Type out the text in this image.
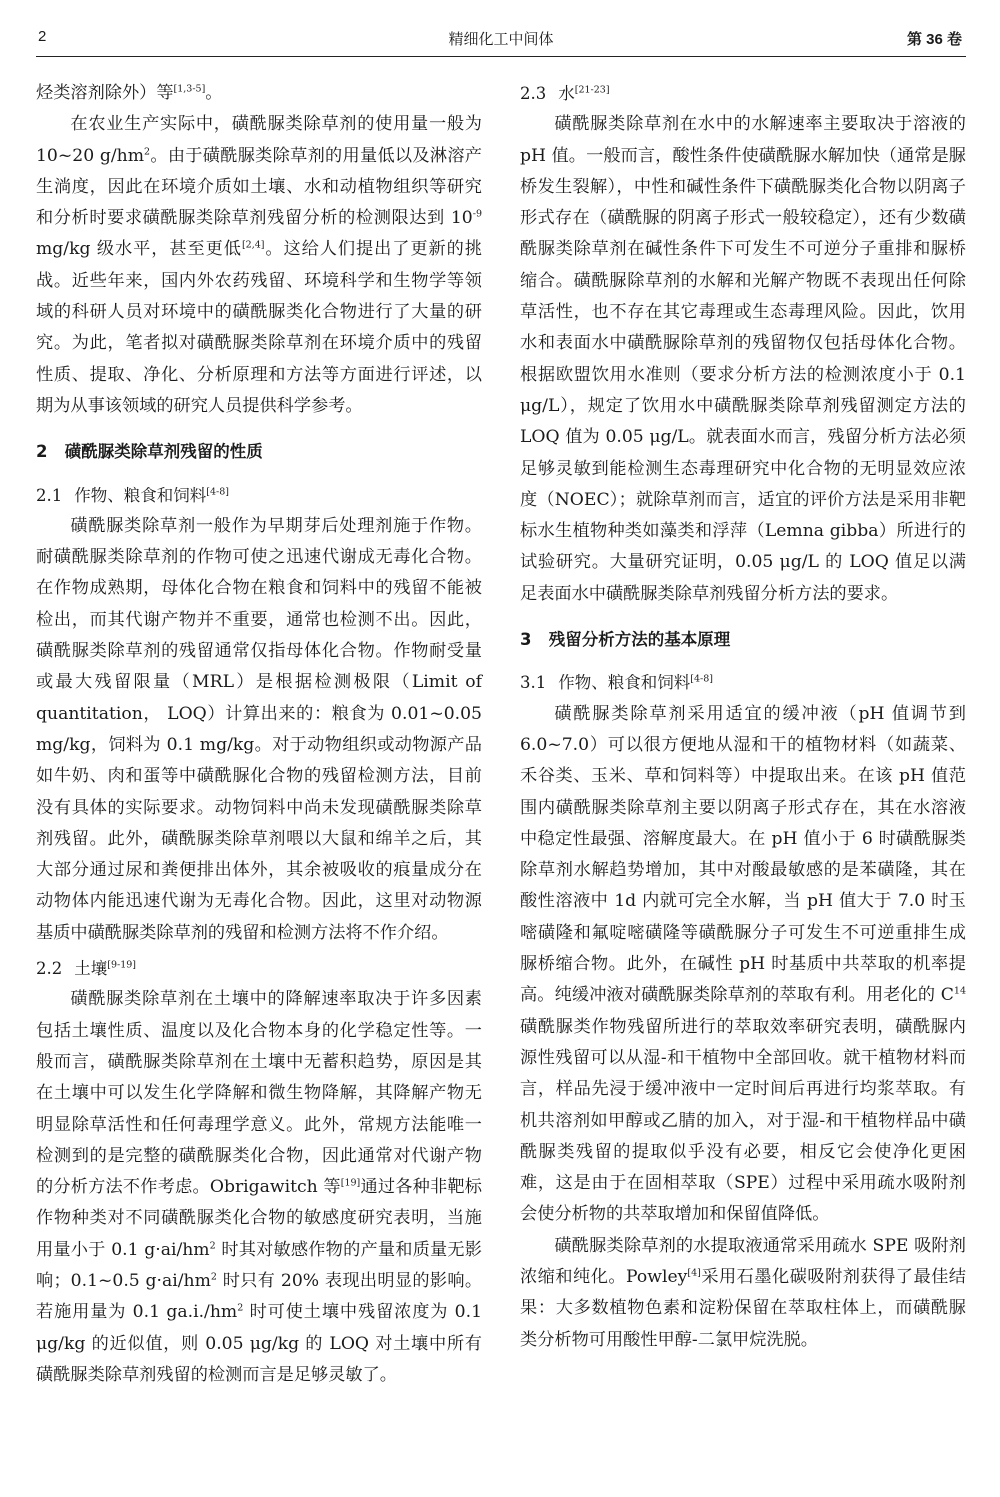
2	精细化工中间体	第 36 卷

烃类溶剂除外）等[1,3-5]。

在农业生产实际中，磺酰脲类除草剂的使用量一般为 10~20 $g/hm^2$。由于磺酰脲类除草剂的用量低以及淋溶产生淌度，因此在环境介质如土壤、水和动植物组织等研究和分析时要求磺酰脲类除草剂残留分析的检测限达到 $10^{-9}$ mg/kg 级水平，甚至更低[2,4]。这给人们提出了更新的挑战。近些年来，国内外农药残留、环境科学和生物学等领域的科研人员对环境中的磺酰脲类化合物进行了大量的研究。为此，笔者拟对磺酰脲类除草剂在环境介质中的残留性质、提取、净化、分析原理和方法等方面进行评述，以期为从事该领域的研究人员提供科学参考。

2 磺酰脲类除草剂残留的性质
2.1 作物、粮食和饲料[4-8]

磺酰脲类除草剂一般作为早期芽后处理剂施于作物。耐磺酰脲类除草剂的作物可使之迅速代谢成无毒化合物。在作物成熟期，母体化合物在粮食和饲料中的残留不能被检出，而其代谢产物并不重要，通常也检测不出。因此，磺酰脲类除草剂的残留通常仅指母体化合物。作物耐受量或最大残留限量（MRL）是根据检测极限（Limit of quantitation， LOQ）计算出来的：粮食为 0.01~0.05 mg/kg，饲料为 0.1 mg/kg。对于动物组织或动物源产品如牛奶、肉和蛋等中磺酰脲化合物的残留检测方法，目前没有具体的实际要求。动物饲料中尚未发现磺酰脲类除草剂残留。此外，磺酰脲类除草剂喂以大鼠和绵羊之后，其大部分通过尿和粪便排出体外，其余被吸收的痕量成分在动物体内能迅速代谢为无毒化合物。因此，这里对动物源基质中磺酰脲类除草剂的残留和检测方法将不作介绍。

2.2 土壤[9-19]

磺酰脲类除草剂在土壤中的降解速率取决于许多因素包括土壤性质、温度以及化合物本身的化学稳定性等。一般而言，磺酰脲类除草剂在土壤中无蓄积趋势，原因是其在土壤中可以发生化学降解和微生物降解，其降解产物无明显除草活性和任何毒理学意义。此外，常规方法能唯一检测到的是完整的磺酰脲类化合物，因此通常对代谢产物的分析方法不作考虑。Obrigawitch 等[19]通过各种非靶标作物种类对不同磺酰脲类化合物的敏感度研究表明，当施用量小于 0.1 $g\cdot ai/hm^2$ 时其对敏感作物的产量和质量无影响；0.1~0.5 $g\cdot ai/hm^2$ 时只有 20% 表现出明显的影响。若施用量为 0.1 $ga.i./hm^2$ 时可使土壤中残留浓度为 0.1 μg/kg 的近似值，则 0.05 μg/kg 的 LOQ 对土壤中所有磺酰脲类除草剂残留的检测而言是足够灵敏了。

2.3 水[21-23]

磺酰脲类除草剂在水中的水解速率主要取决于溶液的 pH 值。一般而言，酸性条件使磺酰脲水解加快（通常是脲桥发生裂解），中性和碱性条件下磺酰脲类化合物以阴离子形式存在（磺酰脲的阴离子形式一般较稳定），还有少数磺酰脲类除草剂在碱性条件下可发生不可逆分子重排和脲桥缩合。磺酰脲除草剂的水解和光解产物既不表现出任何除草活性，也不存在其它毒理或生态毒理风险。因此，饮用水和表面水中磺酰脲除草剂的残留物仅包括母体化合物。根据欧盟饮用水准则（要求分析方法的检测浓度小于 0.1 μg/L），规定了饮用水中磺酰脲类除草剂残留测定方法的 LOQ 值为 0.05 μg/L。就表面水而言，残留分析方法必须足够灵敏到能检测生态毒理研究中化合物的无明显效应浓度（NOEC）；就除草剂而言，适宜的评价方法是采用非靶标水生植物种类如藻类和浮萍（Lemna gibba）所进行的试验研究。大量研究证明，0.05 μg/L 的 LOQ 值足以满足表面水中磺酰脲类除草剂残留分析方法的要求。

3 残留分析方法的基本原理
3.1 作物、粮食和饲料[4-8]

磺酰脲类除草剂采用适宜的缓冲液（pH 值调节到 6.0~7.0）可以很方便地从湿和干的植物材料（如蔬菜、禾谷类、玉米、草和饲料等）中提取出来。在该 pH 值范围内磺酰脲类除草剂主要以阴离子形式存在，其在水溶液中稳定性最强、溶解度最大。在 pH 值小于 6 时磺酰脲类除草剂水解趋势增加，其中对酸最敏感的是苯磺隆，其在酸性溶液中 1d 内就可完全水解，当 pH 值大于 7.0 时玉嘧磺隆和氟啶嘧磺隆等磺酰脲分子可发生不可逆重排生成脲桥缩合物。此外，在碱性 pH 时基质中共萃取的机率提高。纯缓冲液对磺酰脲类除草剂的萃取有利。用老化的 $C^{14}$ 磺酰脲类作物残留所进行的萃取效率研究表明，磺酰脲内源性残留可以从湿-和干植物中全部回收。就干植物材料而言，样品先浸于缓冲液中一定时间后再进行均浆萃取。有机共溶剂如甲醇或乙腈的加入，对于湿-和干植物样品中磺酰脲类残留的提取似乎没有必要，相反它会使净化更困难，这是由于在固相萃取（SPE）过程中采用疏水吸附剂会使分析物的共萃取增加和保留值降低。

磺酰脲类除草剂的水提取液通常采用疏水 SPE 吸附剂浓缩和纯化。Powley[4]采用石墨化碳吸附剂获得了最佳结果：大多数植物色素和淀粉保留在萃取柱体上，而磺酰脲类分析物可用酸性甲醇-二氯甲烷洗脱。
